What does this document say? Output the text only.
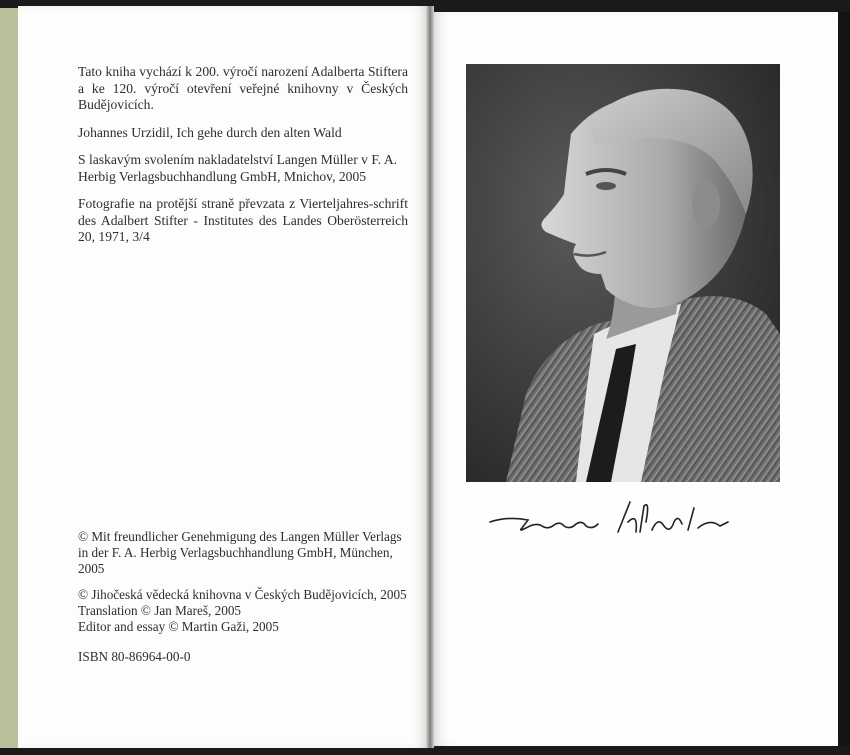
Tato kniha vychází k 200. výročí narození Adalberta Stiftera a ke 120. výročí otevření veřejné knihovny v Českých Budějovicích.

Johannes Urzidil, Ich gehe durch den alten Wald

S laskavým svolením nakladatelství Langen Müller v F. A. Herbig Verlagsbuchhandlung GmbH, Mnichov, 2005

Fotografie na protější straně převzata z Vierteljahres-schrift des Adalbert Stifter - Institutes des Landes Oberösterreich 20, 1971, 3/4

© Mit freundlicher Genehmigung des Langen Müller Verlags in der F. A. Herbig Verlagsbuchhandlung GmbH, München, 2005

© Jihočeská vědecká knihovna v Českých Budějovicích, 2005

Translation © Jan Mareš, 2005

Editor and essay © Martin Gaži, 2005

ISBN 80-86964-00-0
